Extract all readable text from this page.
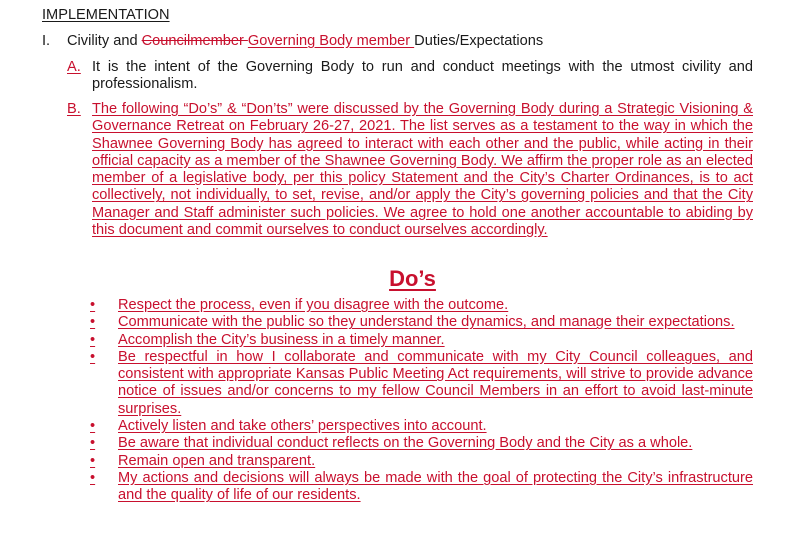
IMPLEMENTATION
I. Civility and Councilmember Governing Body member Duties/Expectations
A. It is the intent of the Governing Body to run and conduct meetings with the utmost civility and professionalism.
B. The following “Do’s” & “Don’ts” were discussed by the Governing Body during a Strategic Visioning & Governance Retreat on February 26-27, 2021. The list serves as a testament to the way in which the Shawnee Governing Body has agreed to interact with each other and the public, while acting in their official capacity as a member of the Shawnee Governing Body. We affirm the proper role as an elected member of a legislative body, per this policy Statement and the City’s Charter Ordinances, is to act collectively, not individually, to set, revise, and/or apply the City’s governing policies and that the City Manager and Staff administer such policies. We agree to hold one another accountable to abiding by this document and commit ourselves to conduct ourselves accordingly.
Do’s
•	Respect the process, even if you disagree with the outcome.
•	Communicate with the public so they understand the dynamics, and manage their expectations.
•	Accomplish the City’s business in a timely manner.
•	Be respectful in how I collaborate and communicate with my City Council colleagues, and consistent with appropriate Kansas Public Meeting Act requirements, will strive to provide advance notice of issues and/or concerns to my fellow Council Members in an effort to avoid last-minute surprises.
•	Actively listen and take others’ perspectives into account.
•	Be aware that individual conduct reflects on the Governing Body and the City as a whole.
•	Remain open and transparent.
•	My actions and decisions will always be made with the goal of protecting the City’s infrastructure and the quality of life of our residents.
